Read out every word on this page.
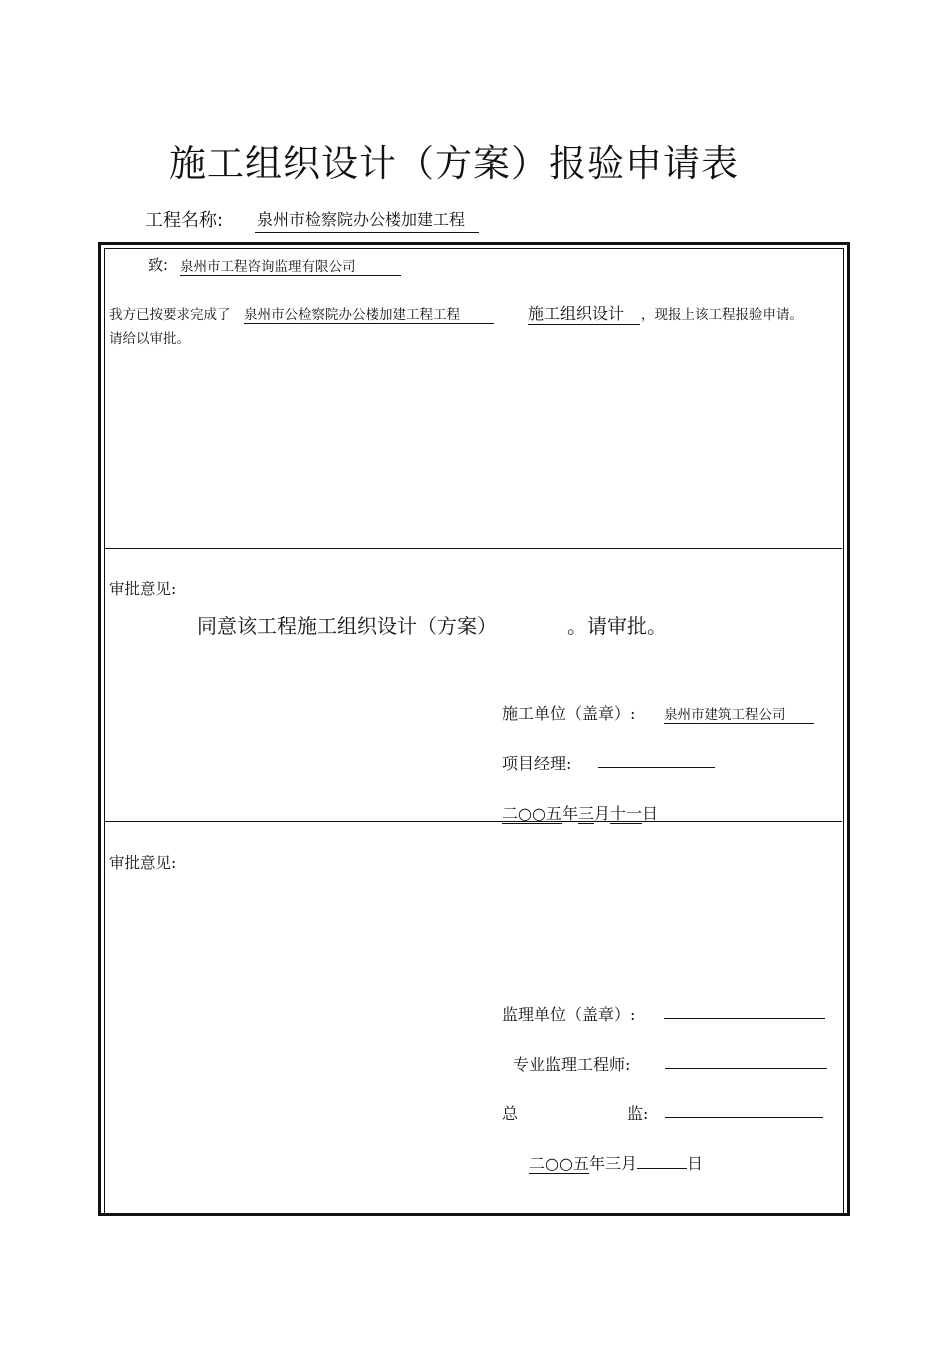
施工组织设计（方案）报验申请表
工程名称: 泉州市检察院办公楼加建工程
致: 泉州市工程咨询监理有限公司
我方已按要求完成了 泉州市公检察院办公楼加建工程工程	施工组织设计	，现报上该工程报验申请。
请给以审批。
审批意见:
同意该工程施工组织设计（方案）	。请审批。
施工单位（盖章）: 泉州市建筑工程公司
项目经理:
二○○五年三月十一日
审批意见:
监理单位（盖章）:
专业监理工程师:
总	监:
二○○五年三月	日
